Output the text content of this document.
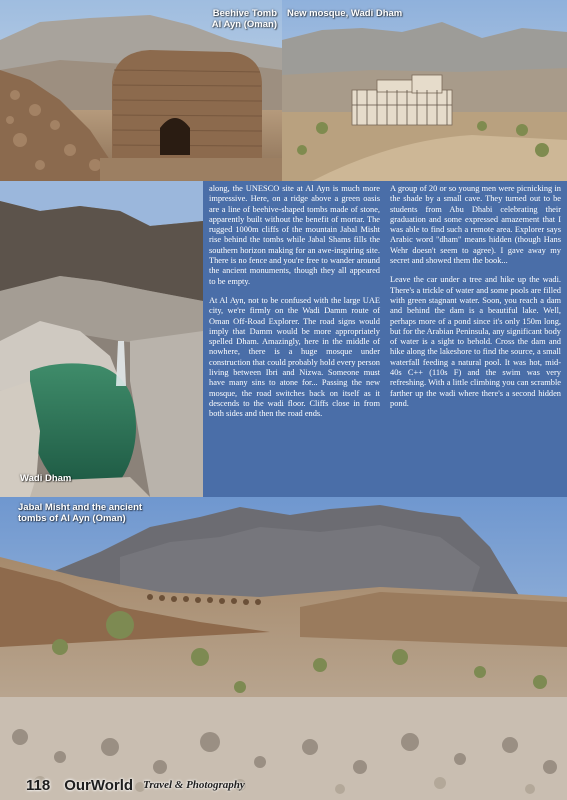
Beehive Tomb Al Ayn (Oman)
New mosque, Wadi Dham
Wadi Dham
Jabal Misht and the ancient tombs of Al Ayn (Oman)

along, the UNESCO site at Al Ayn is much more impressive. Here, on a ridge above a green oasis are a line of beehive-shaped tombs made of stone, apparently built without the benefit of mortar. The rugged 1000m cliffs of the mountain Jabal Misht rise behind the tombs while Jabal Shams fills the southern horizon making for an awe-inspiring site. There is no fence and you're free to wander around the ancient monuments, though they all appeared to be empty.

At Al Ayn, not to be confused with the large UAE city, we're firmly on the Wadi Damm route of Oman Off-Road Explorer. The road signs would imply that Damm would be more appropriately spelled Dham. Amazingly, here in the middle of nowhere, there is a huge mosque under construction that could probably hold every person living between Ibri and Nizwa. Someone must have many sins to atone for... Passing the new mosque, the road switches back on itself as it descends to the wadi floor. Cliffs close in from both sides and then the road ends.

A group of 20 or so young men were picnicking in the shade by a small cave. They turned out to be students from Abu Dhabi celebrating their graduation and some expressed amazement that I was able to find such a remote area. Explorer says Arabic word "dham" means hidden (though Hans Wehr doesn't seem to agree). I gave away my secret and showed them the book...

Leave the car under a tree and hike up the wadi. There's a trickle of water and some pools are filled with green stagnant water. Soon, you reach a dam and behind the dam is a beautiful lake. Well, perhaps more of a pond since it's only 150m long, but for the Arabian Peninsula, any significant body of water is a sight to behold. Cross the dam and hike along the lakeshore to find the source, a small waterfall feeding a natural pool. It was hot, mid-40s C++ (110s F) and the swim was very refreshing. With a little climbing you can scramble farther up the wadi where there's a second hidden pond.

118 OurWorld Travel & Photography
